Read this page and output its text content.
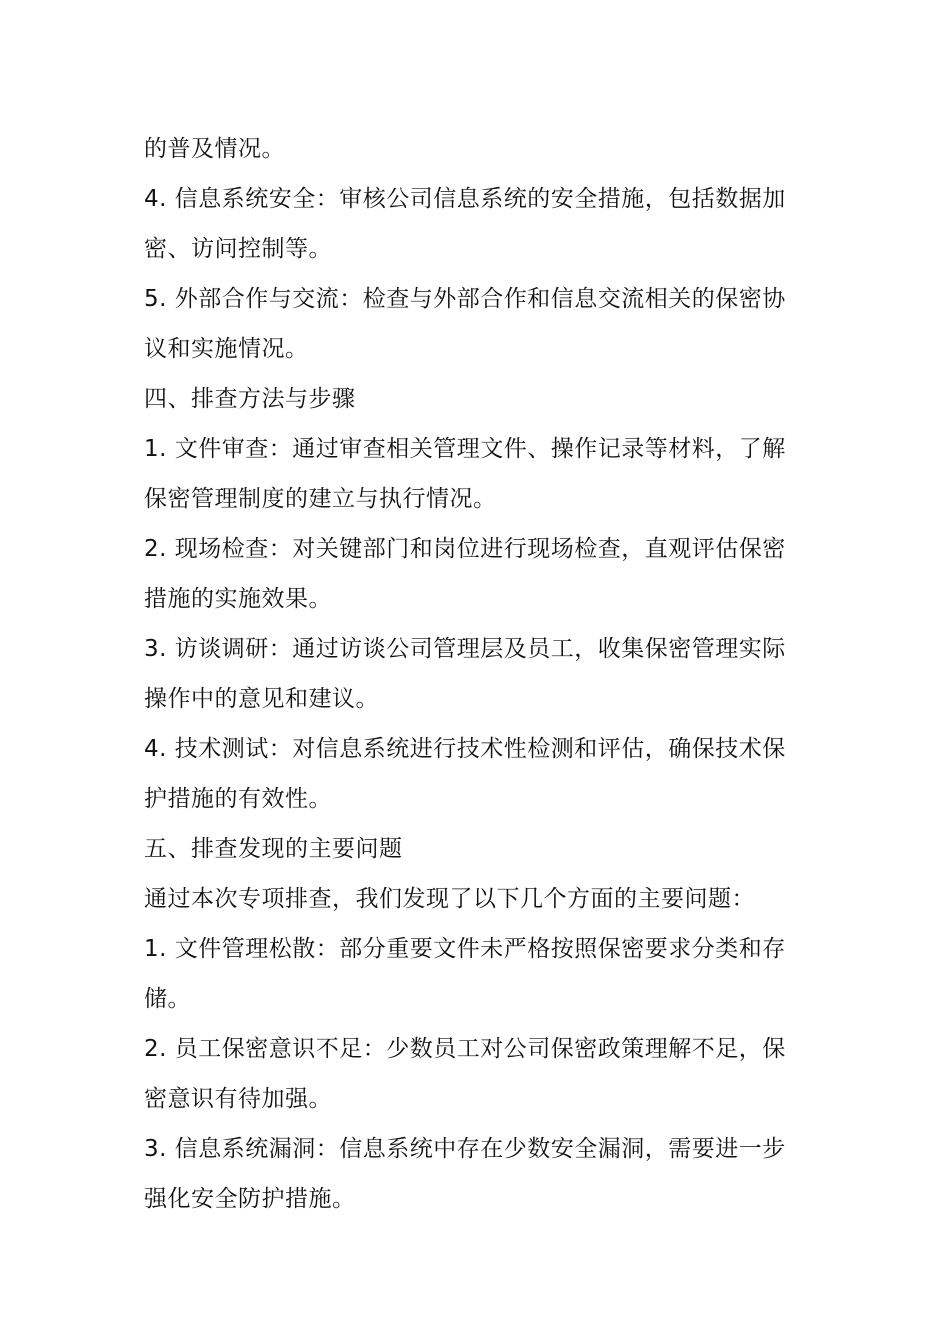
的普及情况。
4. 信息系统安全：审核公司信息系统的安全措施，包括数据加
密、访问控制等。
5. 外部合作与交流：检查与外部合作和信息交流相关的保密协
议和实施情况。
四、排查方法与步骤
1. 文件审查：通过审查相关管理文件、操作记录等材料，了解
保密管理制度的建立与执行情况。
2. 现场检查：对关键部门和岗位进行现场检查，直观评估保密
措施的实施效果。
3. 访谈调研：通过访谈公司管理层及员工，收集保密管理实际
操作中的意见和建议。
4. 技术测试：对信息系统进行技术性检测和评估，确保技术保
护措施的有效性。
五、排查发现的主要问题
通过本次专项排查，我们发现了以下几个方面的主要问题：
1. 文件管理松散：部分重要文件未严格按照保密要求分类和存
储。
2. 员工保密意识不足：少数员工对公司保密政策理解不足，保
密意识有待加强。
3. 信息系统漏洞：信息系统中存在少数安全漏洞，需要进一步
强化安全防护措施。
